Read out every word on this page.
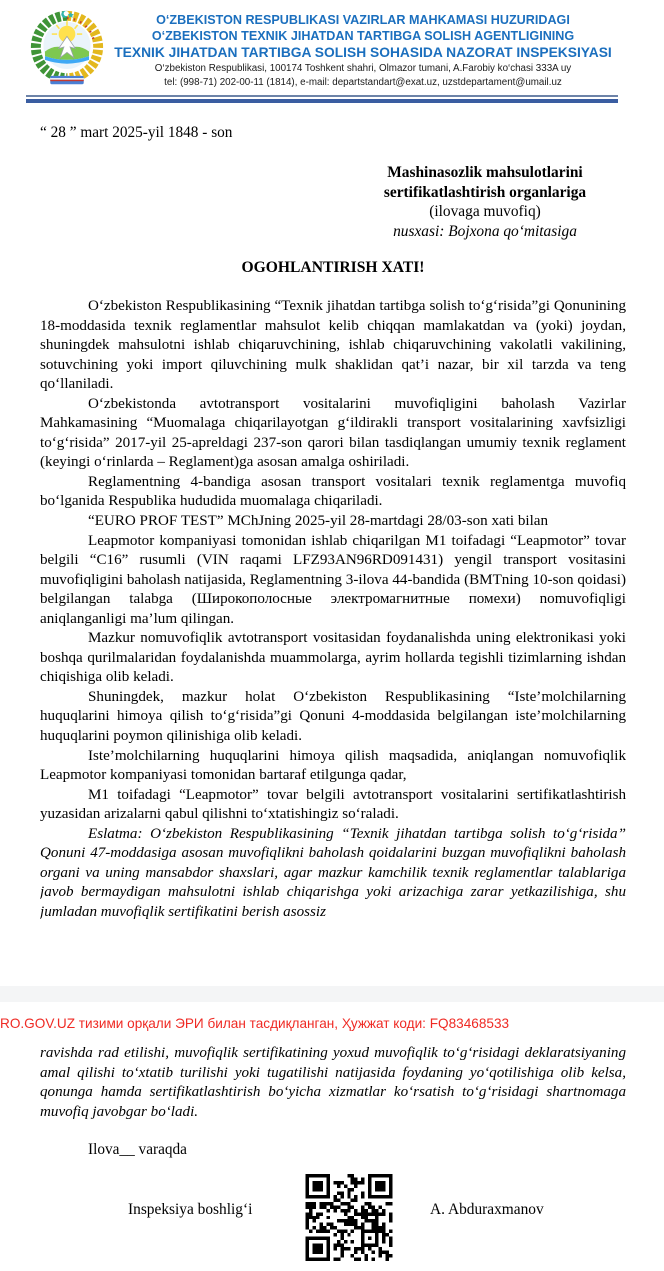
O‘ZBEKISTON RESPUBLIKASI VAZIRLAR MAHKAMASI HUZURIDAGI
O‘ZBEKISTON TEXNIK JIHATDAN TARTIBGA SOLISH AGENTLIGINING
TEXNIK JIHATDAN TARTIBGA SOLISH SOHASIDA NAZORAT INSPEKSIYASI
O‘zbekiston Respublikasi, 100174 Toshkent shahri, Olmazor tumani, A.Farobiy ko‘chasi 333A uy
tel: (998-71) 202-00-11 (1814), e-mail: departstandart@exat.uz, uzstdepartament@umail.uz
“ 28 ” mart 2025-yil 1848 - son
Mashinasozlik mahsulotlarini
sertifikatlashtirish organlariga
(ilovaga muvofiq)
nusxasi: Bojxona qo‘mitasiga
OGOHLANTIRISH XATI!

O‘zbekiston Respublikasining “Texnik jihatdan tartibga solish to‘g‘risida”gi Qonunining 18-moddasida texnik reglamentlar mahsulot kelib chiqqan mamlakatdan va (yoki) joydan, shuningdek mahsulotni ishlab chiqaruvchining, ishlab chiqaruvchining vakolatli vakilining, sotuvchining yoki import qiluvchining mulk shaklidan qat’i nazar, bir xil tarzda va teng qo‘llaniladi.

O‘zbekistonda avtotransport vositalarini muvofiqligini baholash Vazirlar Mahkamasining “Muomalaga chiqarilayotgan g‘ildirakli transport vositalarining xavfsizligi to‘g‘risida” 2017-yil 25-apreldagi 237-son qarori bilan tasdiqlangan umumiy texnik reglament (keyingi o‘rinlarda – Reglament)ga asosan amalga oshiriladi.

Reglamentning 4-bandiga asosan transport vositalari texnik reglamentga muvofiq bo‘lganida Respublika hududida muomalaga chiqariladi.

“EURO PROF TEST” MChJning 2025-yil 28-martdagi 28/03-son xati bilan

Leapmotor kompaniyasi tomonidan ishlab chiqarilgan M1 toifadagi “Leapmotor” tovar belgili “C16” rusumli (VIN raqami LFZ93AN96RD091431) yengil transport vositasini muvofiqligini baholash natijasida, Reglamentning 3-ilova 44-bandida (BMTning 10-son qoidasi) belgilangan talabga (Широкополосные электромагнитные помехи) nomuvofiqligi aniqlanganligi ma’lum qilingan.

Mazkur nomuvofiqlik avtotransport vositasidan foydanalishda uning elektronikasi yoki boshqa qurilmalaridan foydalanishda muammolarga, ayrim hollarda tegishli tizimlarning ishdan chiqishiga olib keladi.

Shuningdek, mazkur holat O‘zbekiston Respublikasining “Iste’molchilarning huquqlarini himoya qilish to‘g‘risida”gi Qonuni 4-moddasida belgilangan iste’molchilarning huquqlarini poymon qilinishiga olib keladi.

Iste’molchilarning huquqlarini himoya qilish maqsadida, aniqlangan nomuvofiqlik Leapmotor kompaniyasi tomonidan bartaraf etilgunga qadar,

M1 toifadagi “Leapmotor” tovar belgili avtotransport vositalarini sertifikatlashtirish yuzasidan arizalarni qabul qilishni to‘xtatishingiz so‘raladi.

Eslatma: O‘zbekiston Respublikasining “Texnik jihatdan tartibga solish to‘g‘risida” Qonuni 47-moddasiga asosan muvofiqlikni baholash qoidalarini buzgan muvofiqlikni baholash organi va uning mansabdor shaxslari, agar mazkur kamchilik texnik reglamentlar talablariga javob bermaydigan mahsulotni ishlab chiqarishga yoki arizachiga zarar yetkazilishiga, shu jumladan muvofiqlik sertifikatini berish asossiz

RO.GOV.UZ тизими орқали ЭРИ билан тасдиқланган, Ҳужжат коди: FQ83468533

ravishda rad etilishi, muvofiqlik sertifikatining yoxud muvofiqlik to‘g‘risidagi deklaratsiyaning amal qilishi to‘xtatib turilishi yoki tugatilishi natijasida foydaning yo‘qotilishiga olib kelsa, qonunga hamda sertifikatlashtirish bo‘yicha xizmatlar ko‘rsatish to‘g‘risidagi shartnomaga muvofiq javobgar bo‘ladi.

Ilova__ varaqda
Inspeksiya boshlig‘i	A. Abduraxmanov
